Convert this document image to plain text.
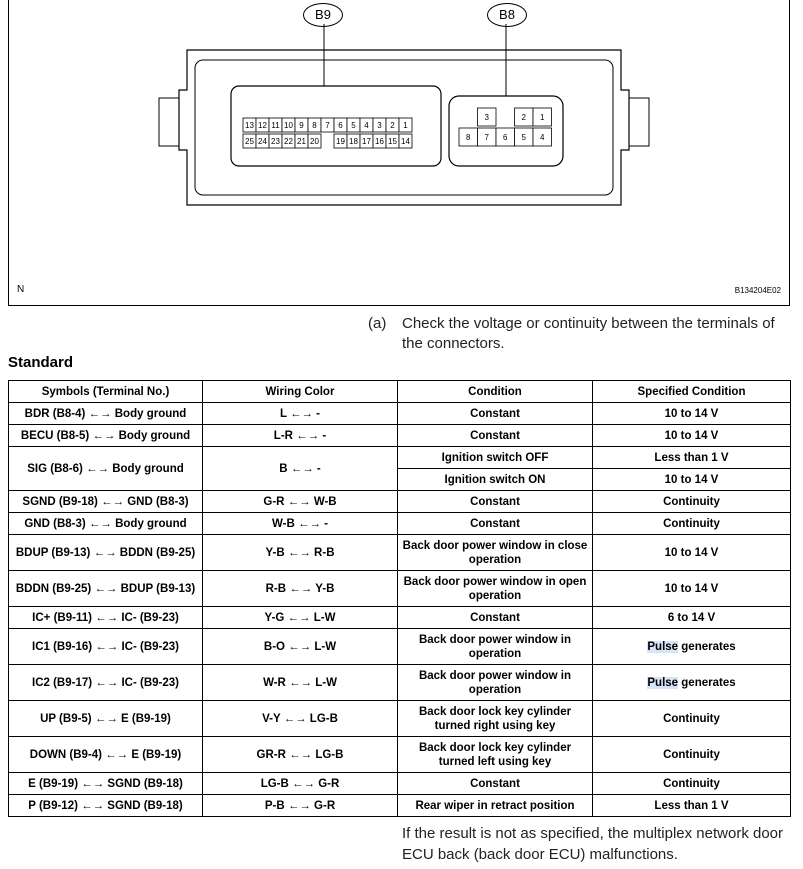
13 12 11 10 9 8 7 6 5 4 3 2 1
25 24 23 22 21 20 19 18 17 16 15 14
3	2 1
8 7 6 5 4
B9	B8
N	B134204E02
(a) Check the voltage or continuity between the terminals of the connectors.
Standard
Symbols (Terminal No.)	Wiring Color	Condition	Specified Condition
BDR (B8-4) ←→ Body ground	L ←→ -	Constant	10 to 14 V
BECU (B8-5) ←→ Body ground	L-R ←→ -	Constant	10 to 14 V
SIG (B8-6) ←→ Body ground	B ←→ -	Ignition switch OFF	Less than 1 V
		Ignition switch ON	10 to 14 V
SGND (B9-18) ←→ GND (B8-3)	G-R ←→ W-B	Constant	Continuity
GND (B8-3) ←→ Body ground	W-B ←→ -	Constant	Continuity
BDUP (B9-13) ←→ BDDN (B9-25)	Y-B ←→ R-B	Back door power window in close operation	10 to 14 V
BDDN (B9-25) ←→ BDUP (B9-13)	R-B ←→ Y-B	Back door power window in open operation	10 to 14 V
IC+ (B9-11) ←→ IC- (B9-23)	Y-G ←→ L-W	Constant	6 to 14 V
IC1 (B9-16) ←→ IC- (B9-23)	B-O ←→ L-W	Back door power window in operation	Pulse generates
IC2 (B9-17) ←→ IC- (B9-23)	W-R ←→ L-W	Back door power window in operation	Pulse generates
UP (B9-5) ←→ E (B9-19)	V-Y ←→ LG-B	Back door lock key cylinder turned right using key	Continuity
DOWN (B9-4) ←→ E (B9-19)	GR-R ←→ LG-B	Back door lock key cylinder turned left using key	Continuity
E (B9-19) ←→ SGND (B9-18)	LG-B ←→ G-R	Constant	Continuity
P (B9-12) ←→ SGND (B9-18)	P-B ←→ G-R	Rear wiper in retract position	Less than 1 V
If the result is not as specified, the multiplex network door ECU back (back door ECU) malfunctions.
